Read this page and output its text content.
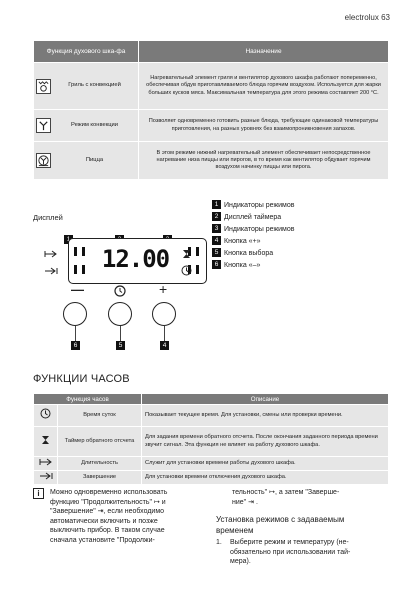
electrolux 63
Функция духового шка-фа	Назначение

Гриль с конвекцией	Нагревательный элемент гриля и вентилятор духового шкафа работают попеременно, обеспечивая обдув приготавливаемого блюда горячим воздухом. Используется для жарки больших кусков мяса. Максимальная температура для этого режима составляет 200 °C.

Режим конвекции	Позволяет одновременно готовить разные блюда, требующие одинаковой температуры приготовления, на разных уровнях без взаимопроникновения запахов.

Пицца	В этом режиме нижний нагревательный элемент обеспечивает непосредственное нагревание низа пиццы или пирогов, в то время как вентилятор обдувает горячим воздухом начинку пиццы или пирога.
Дисплей
12.00
—	+
6	5	4
1 Индикаторы режимов
2 Дисплей таймера
3 Индикаторы режимов
4 Кнопка «+»
5 Кнопка выбора
6 Кнопка «–»
ФУНКЦИИ ЧАСОВ
Функция часов		Описание
	Время суток	Показывает текущее время. Для установки, смены или проверки времени.
	Таймер обратного отсчета	Для задания времени обратного отсчета. После окончания заданного периода времени звучит сигнал. Эта функция не влияет на работу духового шкафа.
	Длительность	Служит для установки времени работы духового шкафа.
	Завершение	Для установки времени отключения духового шкафа.
i	Можно одновременно использовать
функцию "Продолжительность" ↦ и
"Завершение" ⇥, если необходимо
автоматически включить и позже
выключить прибор. В таком случае
сначала установите "Продолжи-
тельность" ↦, а затем "Заверше-
ние" ⇥ .
Установка режимов с задаваемым
временем
1. Выберите режим и температуру (не-
обязательно при использовании тай-
мера).
